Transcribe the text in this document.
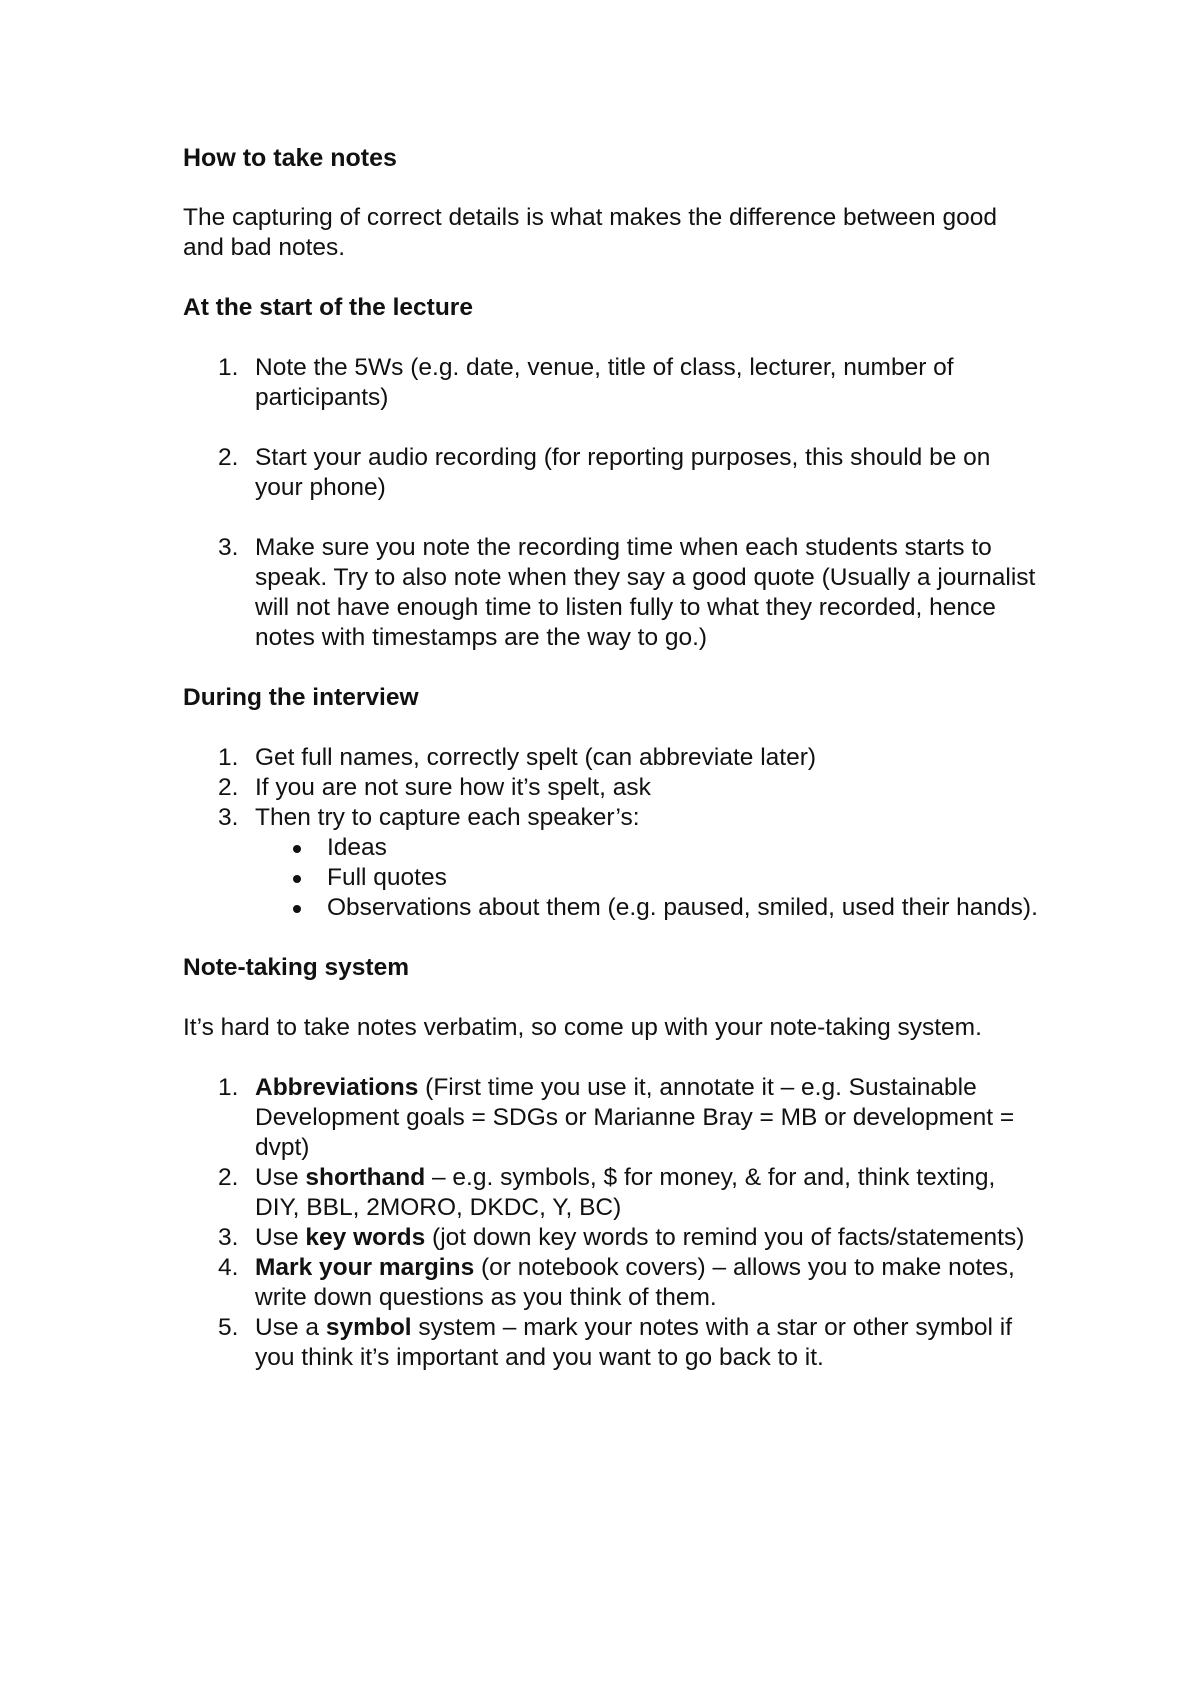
How to take notes

The capturing of correct details is what makes the difference between good and bad notes.

At the start of the lecture
1. Note the 5Ws (e.g. date, venue, title of class, lecturer, number of participants)
2. Start your audio recording (for reporting purposes, this should be on your phone)
3. Make sure you note the recording time when each students starts to speak. Try to also note when they say a good quote (Usually a journalist will not have enough time to listen fully to what they recorded, hence notes with timestamps are the way to go.)
During the interview
1. Get full names, correctly spelt (can abbreviate later)
2. If you are not sure how it’s spelt, ask
3. Then try to capture each speaker’s:
Ideas
Full quotes
Observations about them (e.g. paused, smiled, used their hands).
Note-taking system

It’s hard to take notes verbatim, so come up with your note-taking system.

1. Abbreviations (First time you use it, annotate it – e.g. Sustainable Development goals = SDGs or Marianne Bray = MB or development = dvpt)
2. Use shorthand – e.g. symbols, $ for money, & for and, think texting, DIY, BBL, 2MORO, DKDC, Y, BC)
3. Use key words (jot down key words to remind you of facts/statements)
4. Mark your margins (or notebook covers) – allows you to make notes, write down questions as you think of them.
5. Use a symbol system – mark your notes with a star or other symbol if you think it’s important and you want to go back to it.
